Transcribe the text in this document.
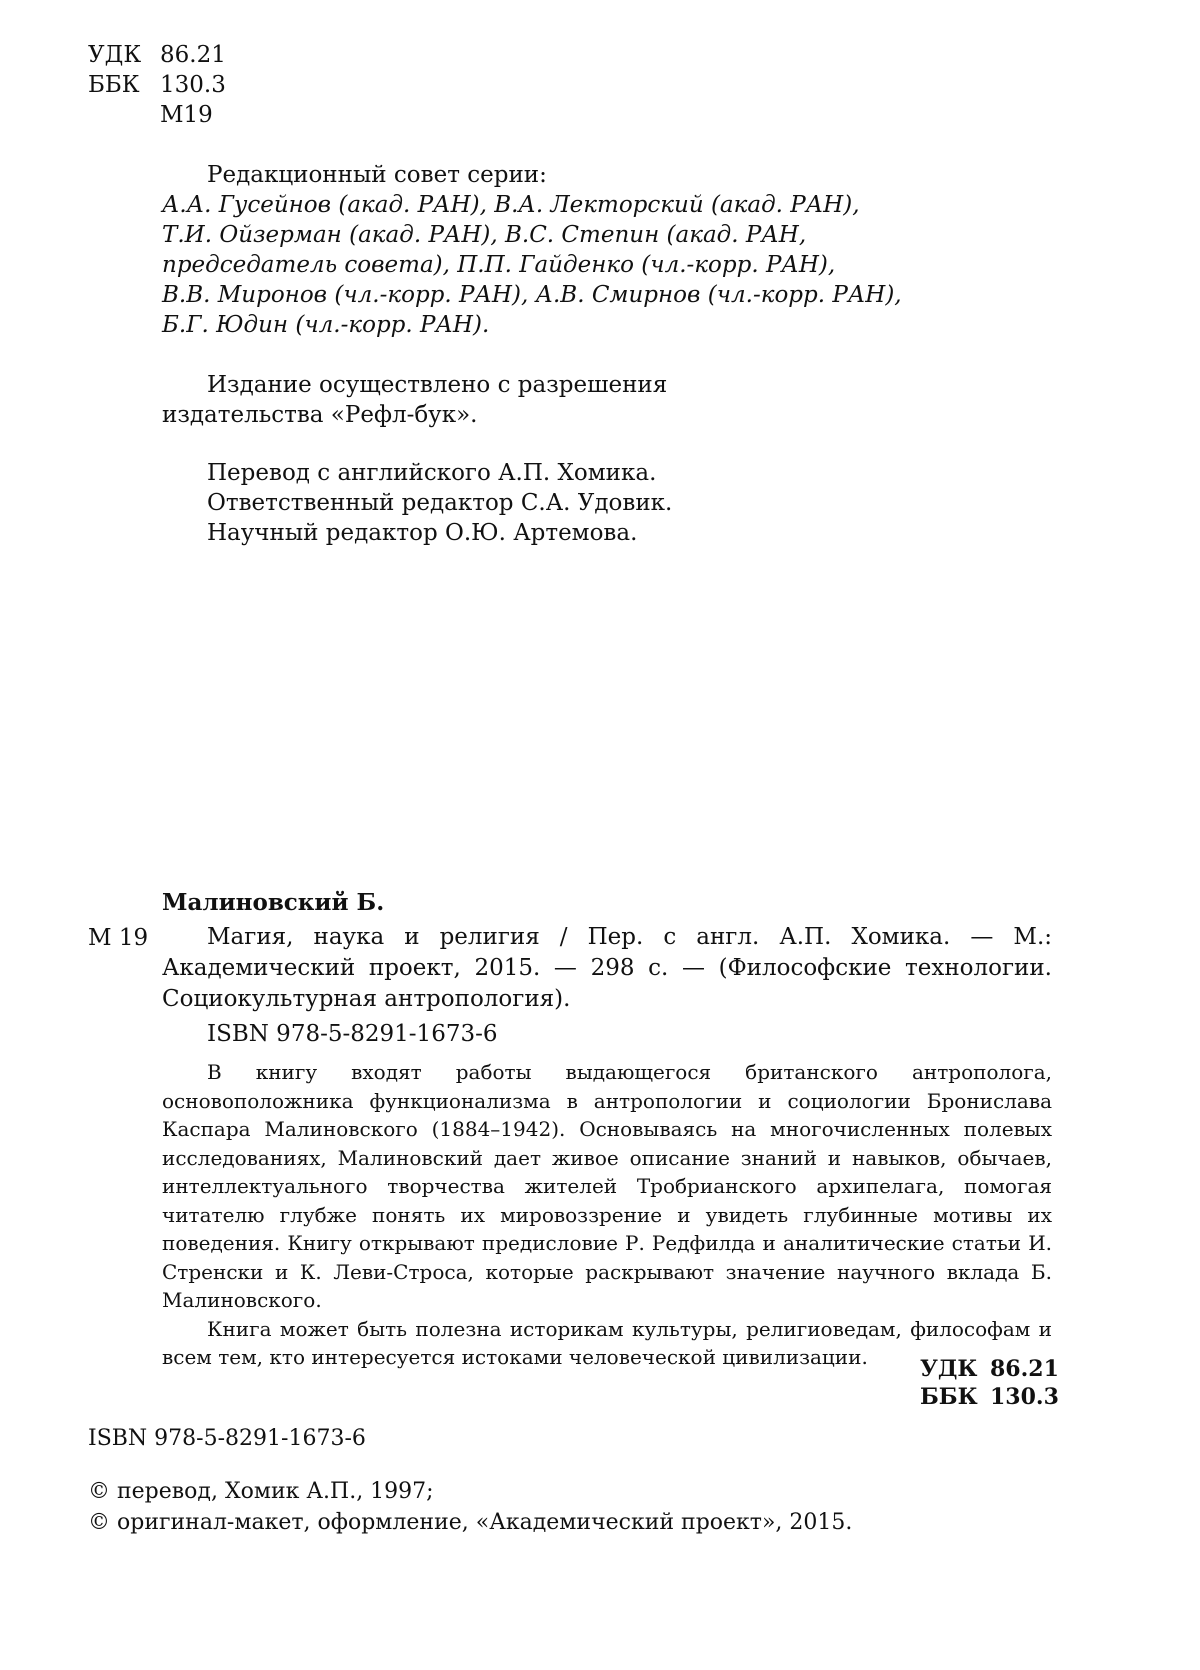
УДК 86.21
ББК 130.3
М19
Редакционный совет серии:
А.А. Гусейнов (акад. РАН), В.А. Лекторский (акад. РАН),
Т.И. Ойзерман (акад. РАН), В.С. Степин (акад. РАН,
председатель совета), П.П. Гайденко (чл.-корр. РАН),
В.В. Миронов (чл.-корр. РАН), А.В. Смирнов (чл.-корр. РАН),
Б.Г. Юдин (чл.-корр. РАН).
Издание осуществлено с разрешения
издательства «Рефл-бук».
Перевод с английского А.П. Хомика.
Ответственный редактор С.А. Удовик.
Научный редактор О.Ю. Артемова.
Малиновский Б.
М 19	Магия, наука и религия / Пер. с англ. А.П. Хомика. — М.: Академический проект, 2015. — 298 с. — (Философские технологии. Социокультурная антропология).
ISBN 978-5-8291-1673-6

В книгу входят работы выдающегося британского антрополога, основоположника функционализма в антропологии и социологии Бронислава Каспара Малиновского (1884–1942). Основываясь на многочисленных полевых исследованиях, Малиновский дает живое описание знаний и навыков, обычаев, интеллектуального творчества жителей Тробрианского архипелага, помогая читателю глубже понять их мировоззрение и увидеть глубинные мотивы их поведения. Книгу открывают предисловие Р. Редфилда и аналитические статьи И. Стренски и К. Леви-Строса, которые раскрывают значение научного вклада Б. Малиновского.

Книга может быть полезна историкам культуры, религиоведам, философам и всем тем, кто интересуется истоками человеческой цивилизации.	УДК 86.21
ББК 130.3
ISBN 978-5-8291-1673-6
© перевод, Хомик А.П., 1997;
© оригинал-макет, оформление, «Академический проект», 2015.
